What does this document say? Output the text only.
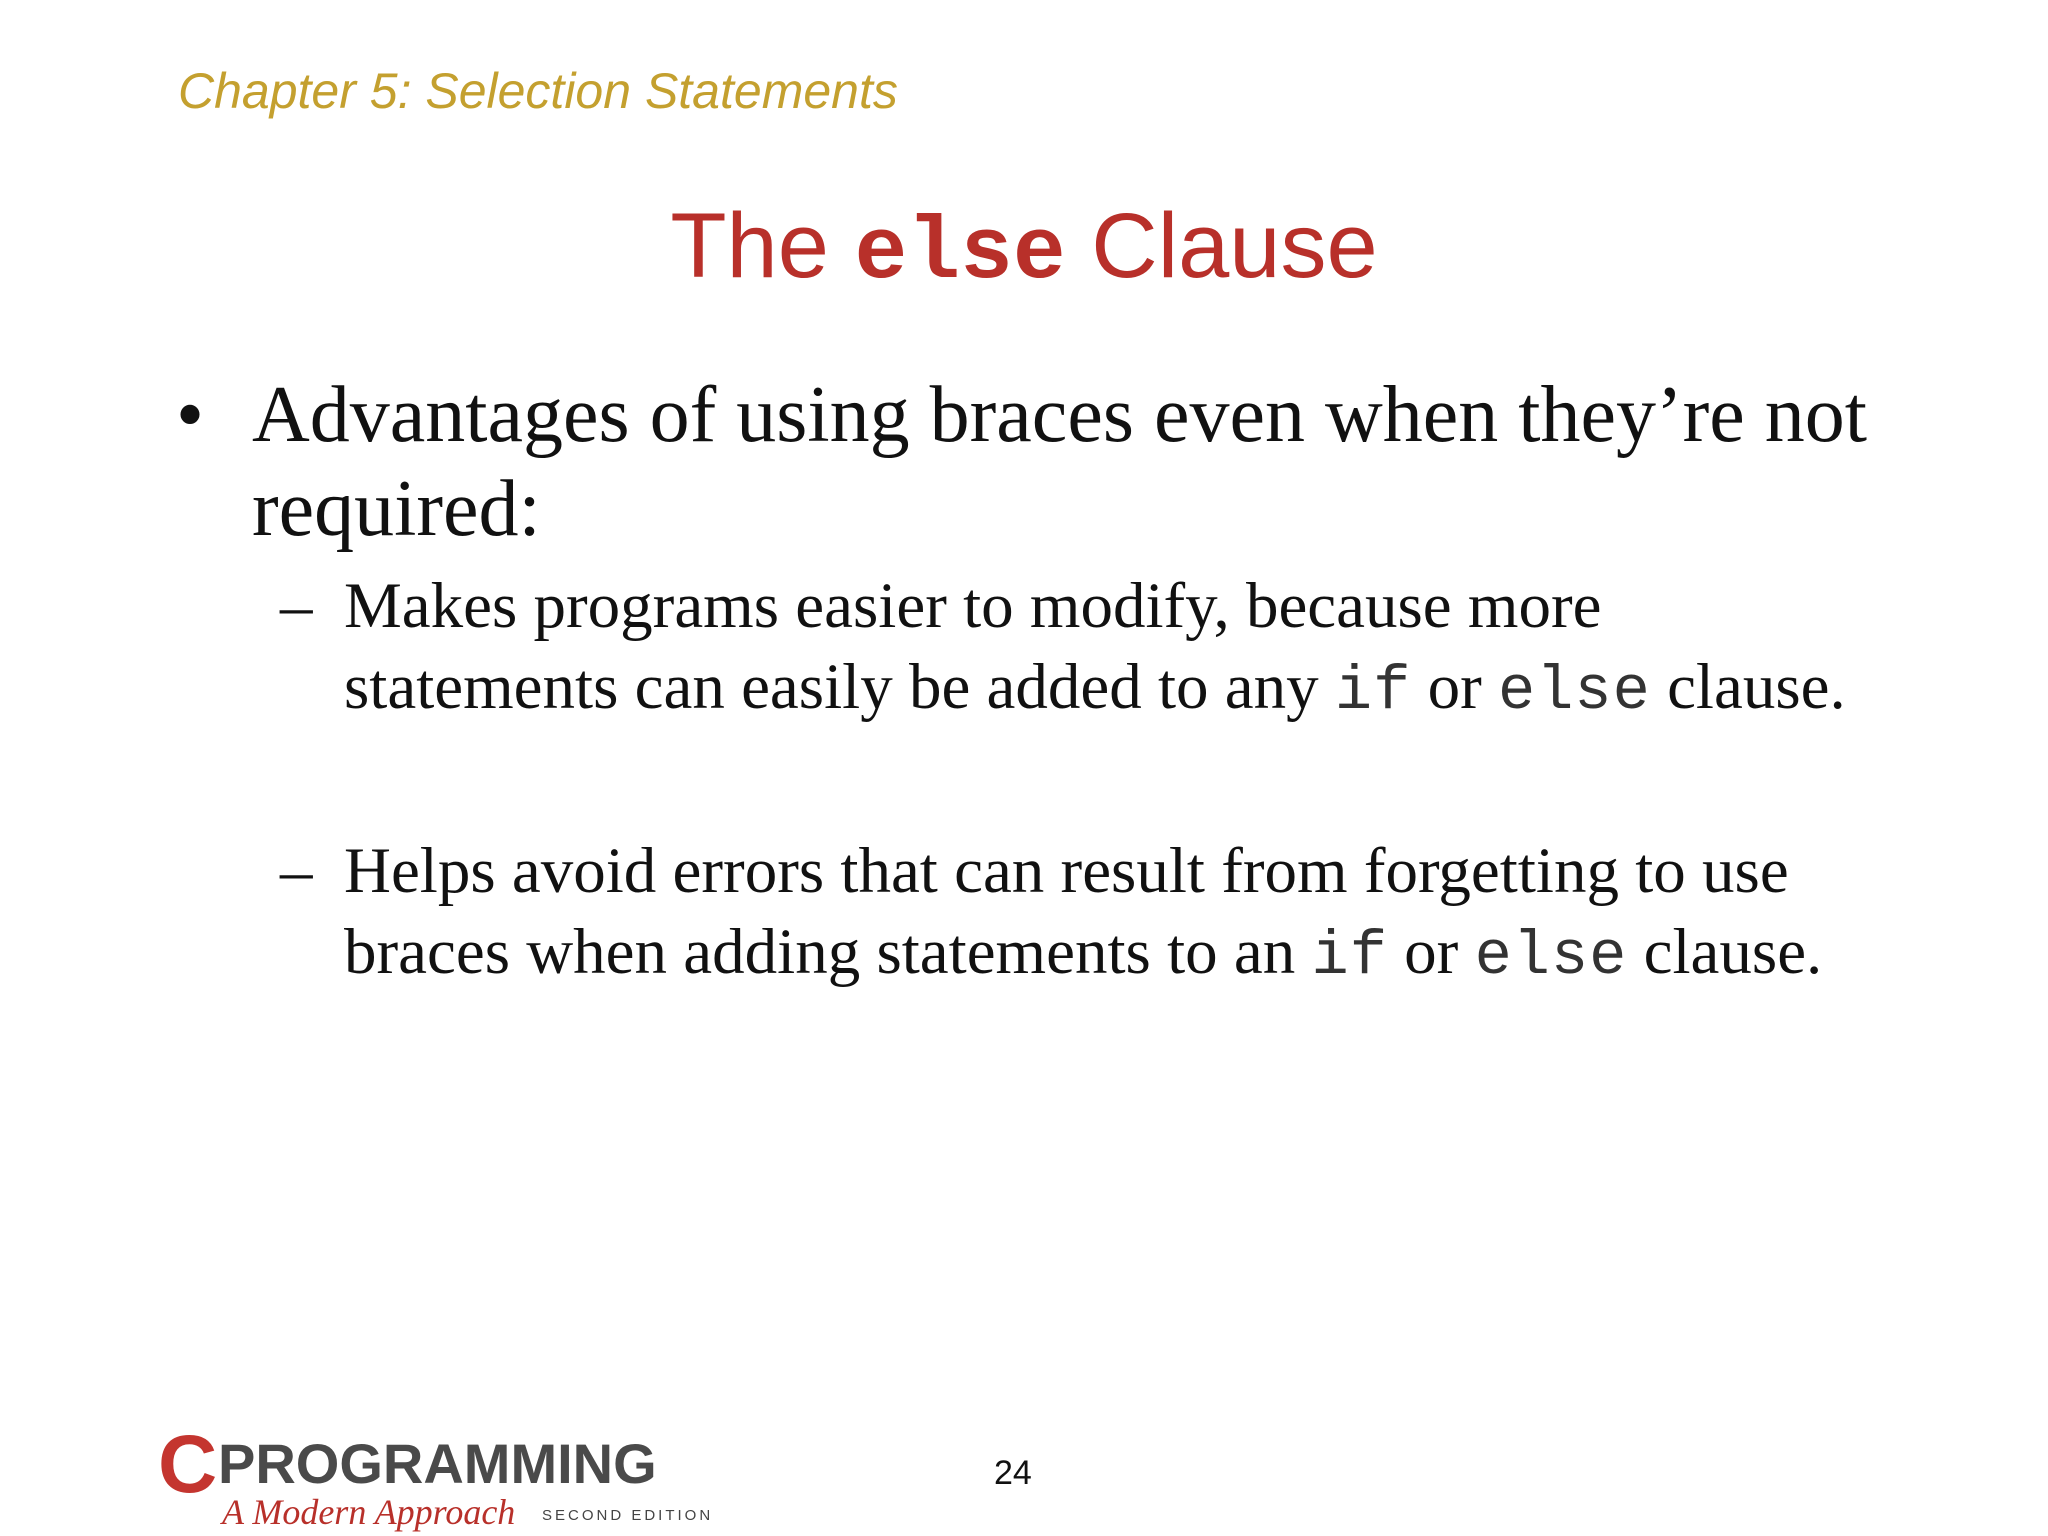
Chapter 5: Selection Statements
The else Clause
• Advantages of using braces even when they’re not required:
– Makes programs easier to modify, because more statements can easily be added to any if or else clause.
– Helps avoid errors that can result from forgetting to use braces when adding statements to an if or else clause.
C PROGRAMMING
A Modern Approach SECOND EDITION
24
